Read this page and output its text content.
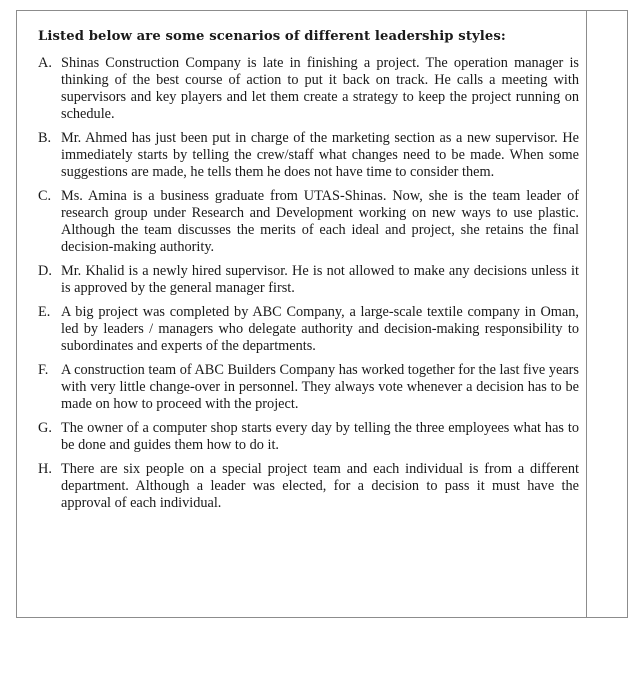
Listed below are some scenarios of different leadership styles:
A. Shinas Construction Company is late in finishing a project. The operation manager is thinking of the best course of action to put it back on track. He calls a meeting with supervisors and key players and let them create a strategy to keep the project running on schedule.
B. Mr. Ahmed has just been put in charge of the marketing section as a new supervisor. He immediately starts by telling the crew/staff what changes need to be made. When some suggestions are made, he tells them he does not have time to consider them.
C. Ms. Amina is a business graduate from UTAS-Shinas. Now, she is the team leader of research group under Research and Development working on new ways to use plastic. Although the team discusses the merits of each ideal and project, she retains the final decision-making authority.
D. Mr. Khalid is a newly hired supervisor. He is not allowed to make any decisions unless it is approved by the general manager first.
E. A big project was completed by ABC Company, a large-scale textile company in Oman, led by leaders / managers who delegate authority and decision-making responsibility to subordinates and experts of the departments.
F. A construction team of ABC Builders Company has worked together for the last five years with very little change-over in personnel. They always vote whenever a decision has to be made on how to proceed with the project.
G. The owner of a computer shop starts every day by telling the three employees what has to be done and guides them how to do it.
H. There are six people on a special project team and each individual is from a different department. Although a leader was elected, for a decision to pass it must have the approval of each individual.
